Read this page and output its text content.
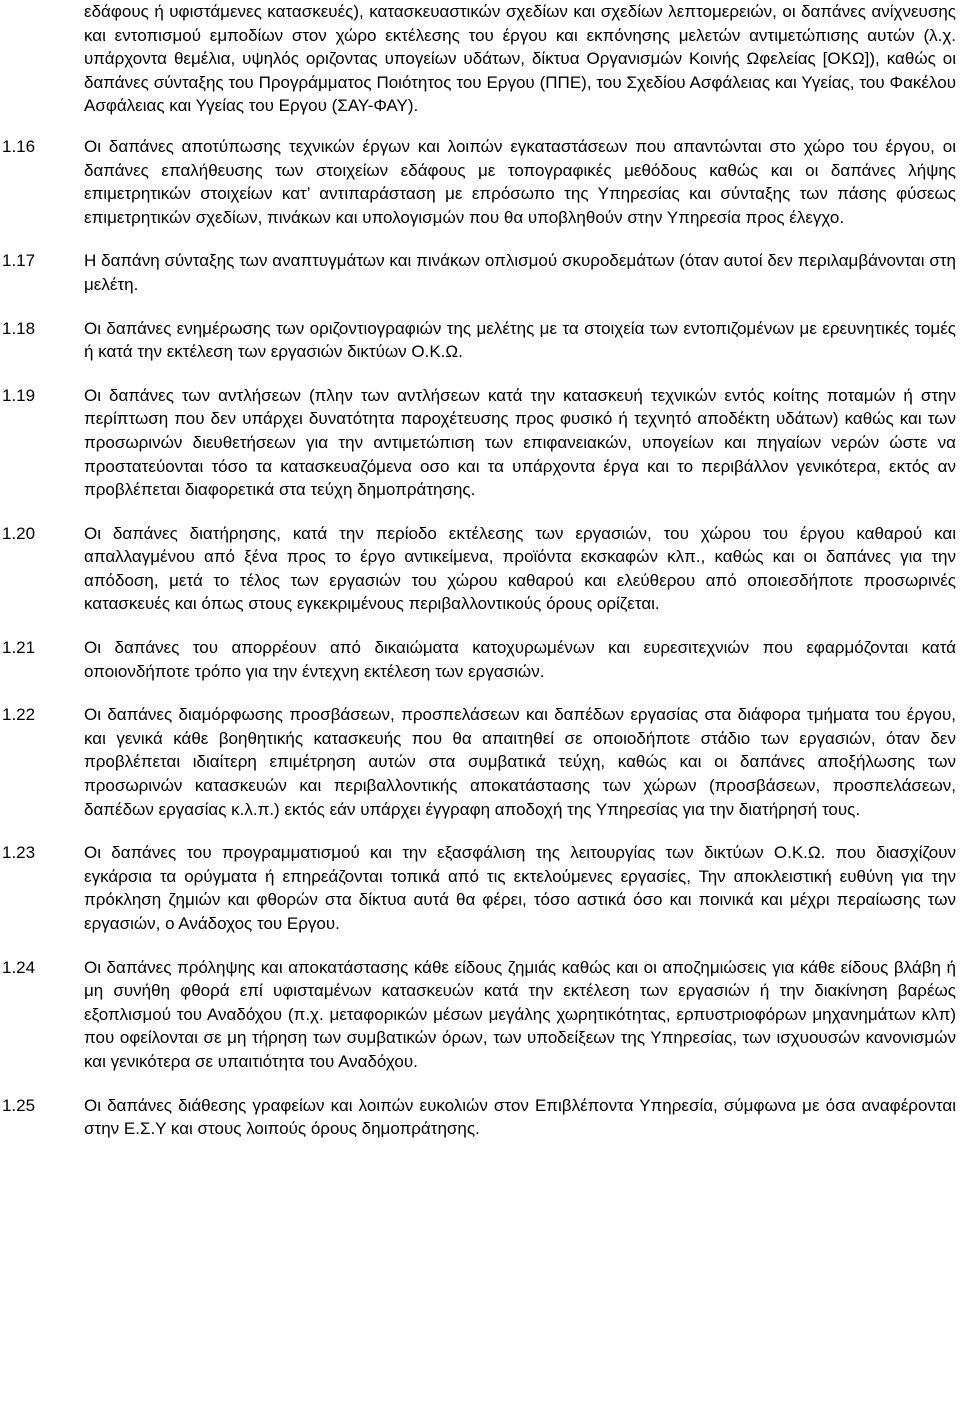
εδάφους ή υφιστάμενες κατασκευές), κατασκευαστικών σχεδίων και σχεδίων λεπτομερειών, οι δαπάνες ανίχνευσης και εντοπισμού εμποδίων στον χώρο εκτέλεσης του έργου και εκπόνησης μελετών αντιμετώπισης αυτών (λ.χ. υπάρχοντα θεμέλια, υψηλός οριζοντας υπογείων υδάτων, δίκτυα Οργανισμών Κοινής Ωφελείας [ΟΚΩ]), καθώς οι δαπάνες σύνταξης του Προγράμματος Ποιότητος του Εργου (ΠΠΕ), του Σχεδίου Ασφάλειας και Υγείας, του Φακέλου Ασφάλειας και Υγείας του Εργου (ΣΑΥ-ΦΑΥ).

1.16	Οι δαπάνες αποτύπωσης τεχνικών έργων και λοιπών εγκαταστάσεων που απαντώνται στο χώρο του έργου, οι δαπάνες επαλήθευσης των στοιχείων εδάφους με τοπογραφικές μεθόδους καθώς και οι δαπάνες λήψης επιμετρητικών στοιχείων κατ’ αντιπαράσταση με επρόσωπο της Υπηρεσίας και σύνταξης των πάσης φύσεως επιμετρητικών σχεδίων, πινάκων και υπολογισμών που θα υποβληθούν στην Υπηρεσία προς έλεγχο.
1.17	Η δαπάνη σύνταξης των αναπτυγμάτων και πινάκων οπλισμού σκυροδεμάτων (όταν αυτοί δεν περιλαμβάνονται στη μελέτη.
1.18	Οι δαπάνες ενημέρωσης των οριζοντιογραφιών της μελέτης με τα στοιχεία των εντοπιζομένων με ερευνητικές τομές ή κατά την εκτέλεση των εργασιών δικτύων Ο.Κ.Ω.
1.19	Οι δαπάνες των αντλήσεων (πλην των αντλήσεων κατά την κατασκευή τεχνικών εντός κοίτης ποταμών ή στην περίπτωση που δεν υπάρχει δυνατότητα παροχέτευσης προς φυσικό ή τεχνητό αποδέκτη υδάτων) καθώς και των προσωρινών διευθετήσεων για την αντιμετώπιση των επιφανειακών, υπογείων και πηγαίων νερών ώστε να προστατεύονται τόσο τα κατασκευαζόμενα οσο και τα υπάρχοντα έργα και το περιβάλλον γενικότερα, εκτός αν προβλέπεται διαφορετικά στα τεύχη δημοπράτησης.
1.20	Οι δαπάνες διατήρησης, κατά την περίοδο εκτέλεσης των εργασιών, του χώρου του έργου καθαρού και απαλλαγμένου από ξένα προς το έργο αντικείμενα, προϊόντα εκσκαφών κλπ., καθώς και οι δαπάνες για την απόδοση, μετά το τέλος των εργασιών του χώρου καθαρού και ελεύθερου από οποιεσδήποτε προσωρινές κατασκευές και όπως στους εγκεκριμένους περιβαλλοντικούς όρους ορίζεται.
1.21	Οι δαπάνες του απορρέουν από δικαιώματα κατοχυρωμένων και ευρεσιτεχνιών που εφαρμόζονται κατά οποιονδήποτε τρόπο για την έντεχνη εκτέλεση των εργασιών.
1.22	Οι δαπάνες διαμόρφωσης προσβάσεων, προσπελάσεων και δαπέδων εργασίας στα διάφορα τμήματα του έργου, και γενικά κάθε βοηθητικής κατασκευής που θα απαιτηθεί σε οποιοδήποτε στάδιο των εργασιών, όταν δεν προβλέπεται ιδιαίτερη επιμέτρηση αυτών στα συμβατικά τεύχη, καθώς και οι δαπάνες αποξήλωσης των προσωρινών κατασκευών και περιβαλλοντικής αποκατάστασης των χώρων (προσβάσεων, προσπελάσεων, δαπέδων εργασίας κ.λ.π.) εκτός εάν υπάρχει έγγραφη αποδοχή της Υπηρεσίας για την διατήρησή τους.
1.23	Οι δαπάνες του προγραμματισμού και την εξασφάλιση της λειτουργίας των δικτύων Ο.Κ.Ω. που διασχίζουν εγκάρσια τα ορύγματα ή επηρεάζονται τοπικά από τις εκτελούμενες εργασίες, Την αποκλειστική ευθύνη για την πρόκληση ζημιών και φθορών στα δίκτυα αυτά θα φέρει, τόσο αστικά όσο και ποινικά και μέχρι περαίωσης των εργασιών, ο Ανάδοχος του Εργου.
1.24	Οι δαπάνες πρόληψης και αποκατάστασης κάθε είδους ζημιάς καθώς και οι αποζημιώσεις για κάθε είδους βλάβη ή μη συνήθη φθορά επί υφισταμένων κατασκευών κατά την εκτέλεση των εργασιών ή την διακίνηση βαρέως εξοπλισμού του Αναδόχου (π.χ. μεταφορικών μέσων μεγάλης χωρητικότητας, ερπυστριοφόρων μηχανημάτων κλπ) που οφείλονται σε μη τήρηση των συμβατικών όρων, των υποδείξεων της Υπηρεσίας, των ισχυουσών κανονισμών και γενικότερα σε υπαιτιότητα του Αναδόχου.
1.25	Οι δαπάνες διάθεσης γραφείων και λοιπών ευκολιών στον Επιβλέποντα Υπηρεσία, σύμφωνα με όσα αναφέρονται στην Ε.Σ.Υ και στους λοιπούς όρους δημοπράτησης.
